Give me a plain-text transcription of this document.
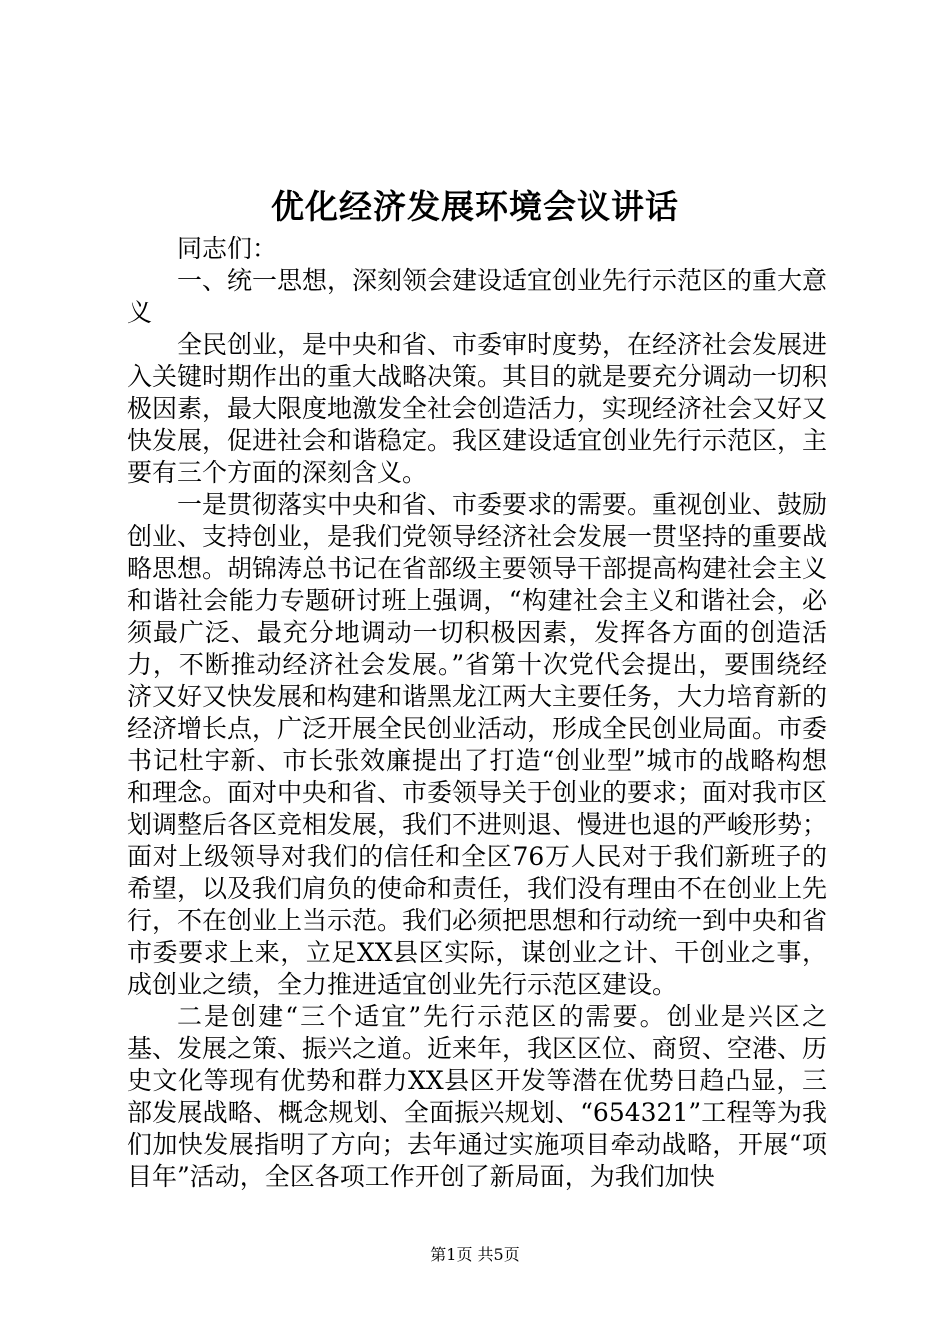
优化经济发展环境会议讲话

同志们：

一、统一思想，深刻领会建设适宜创业先行示范区的重大意义

全民创业，是中央和省、市委审时度势，在经济社会发展进入关键时期作出的重大战略决策。其目的就是要充分调动一切积极因素，最大限度地激发全社会创造活力，实现经济社会又好又快发展，促进社会和谐稳定。我区建设适宜创业先行示范区，主要有三个方面的深刻含义。

一是贯彻落实中央和省、市委要求的需要。重视创业、鼓励创业、支持创业，是我们党领导经济社会发展一贯坚持的重要战略思想。胡锦涛总书记在省部级主要领导干部提高构建社会主义和谐社会能力专题研讨班上强调，“构建社会主义和谐社会，必须最广泛、最充分地调动一切积极因素，发挥各方面的创造活力，不断推动经济社会发展。”省第十次党代会提出，要围绕经济又好又快发展和构建和谐黑龙江两大主要任务，大力培育新的经济增长点，广泛开展全民创业活动，形成全民创业局面。市委书记杜宇新、市长张效廉提出了打造“创业型”城市的战略构想和理念。面对中央和省、市委领导关于创业的要求；面对我市区划调整后各区竞相发展，我们不进则退、慢进也退的严峻形势；面对上级领导对我们的信任和全区76万人民对于我们新班子的希望，以及我们肩负的使命和责任，我们没有理由不在创业上先行，不在创业上当示范。我们必须把思想和行动统一到中央和省市委要求上来，立足XX县区实际，谋创业之计、干创业之事，成创业之绩，全力推进适宜创业先行示范区建设。

二是创建“三个适宜”先行示范区的需要。创业是兴区之基、发展之策、振兴之道。近来年，我区区位、商贸、空港、历史文化等现有优势和群力XX县区开发等潜在优势日趋凸显，三部发展战略、概念规划、全面振兴规划、“654321”工程等为我们加快发展指明了方向；去年通过实施项目牵动战略，开展“项目年”活动，全区各项工作开创了新局面，为我们加快

第1页 共5页
